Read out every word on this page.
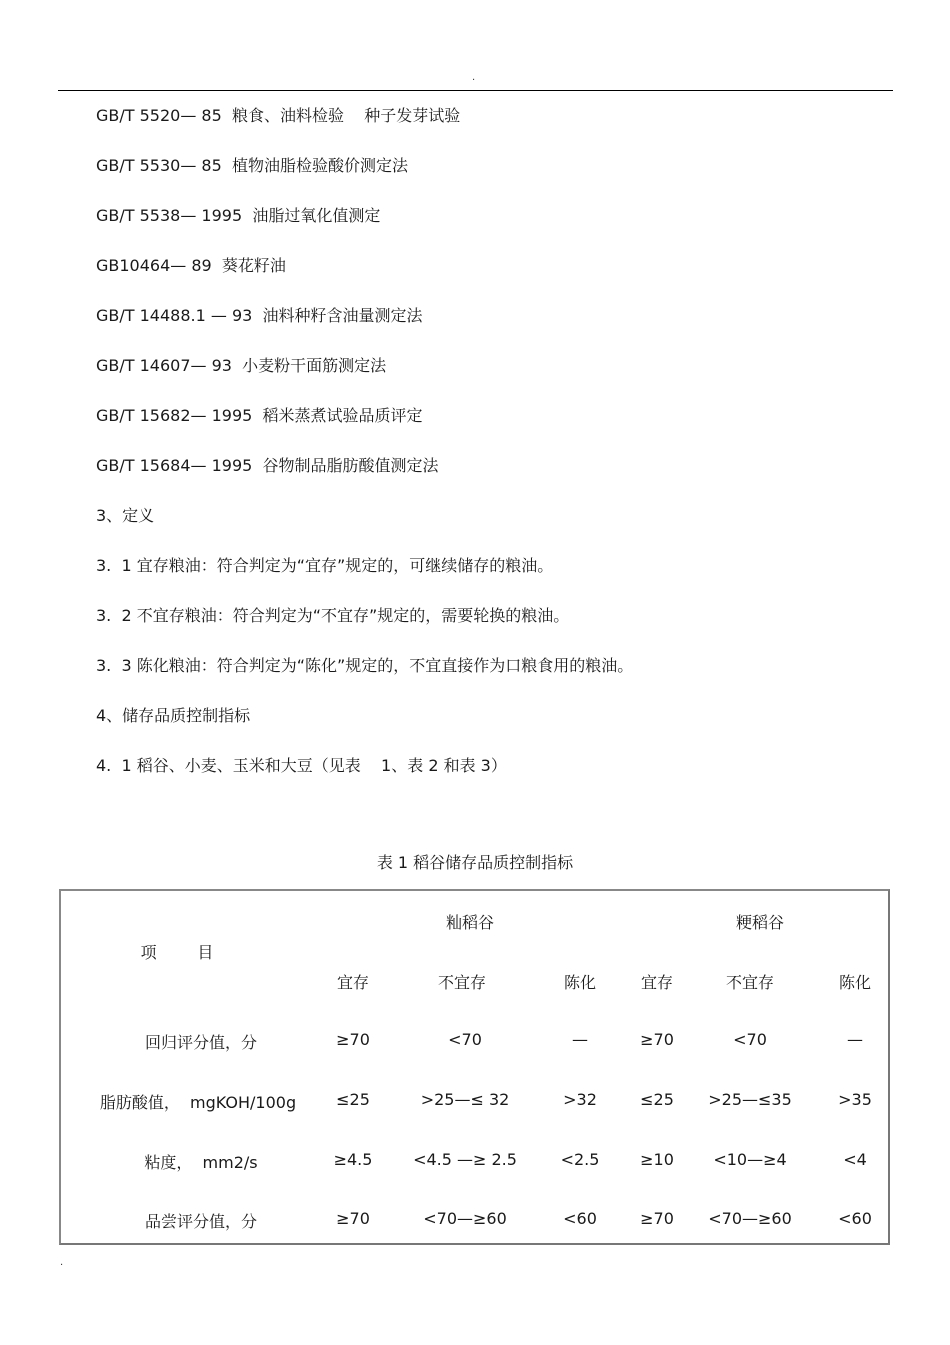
.
GB/T 5520— 85  粮食、油料检验    种子发芽试验
GB/T 5530— 85  植物油脂检验酸价测定法
GB/T 5538— 1995  油脂过氧化值测定
GB10464— 89  葵花籽油
GB/T 14488.1 — 93  油料种籽含油量测定法
GB/T 14607— 93  小麦粉干面筋测定法
GB/T 15682— 1995  稻米蒸煮试验品质评定
GB/T 15684— 1995  谷物制品脂肪酸值测定法
3、定义
3.  1 宜存粮油：符合判定为“宜存”规定的，可继续储存的粮油。
3.  2 不宜存粮油：符合判定为“不宜存”规定的，需要轮换的粮油。
3.  3 陈化粮油：符合判定为“陈化”规定的，不宜直接作为口粮食用的粮油。
4、储存品质控制指标
4.  1 稻谷、小麦、玉米和大豆（见表    1、表 2 和表 3）
表 1 稻谷储存品质控制指标
项        目
籼稻谷	粳稻谷
宜存	不宜存	陈化	宜存	不宜存	陈化
回归评分值，分	≥70	<70	—	≥70	<70	—
脂肪酸值，  mgKOH/100g	≤25	>25—≤ 32	>32	≤25	>25—≤35	>35
粘度，  mm2/s	≥4.5	<4.5 —≥ 2.5	<2.5	≥10	<10—≥4	<4
品尝评分值，分	≥70	<70—≥60	<60	≥70	<70—≥60	<60
.
